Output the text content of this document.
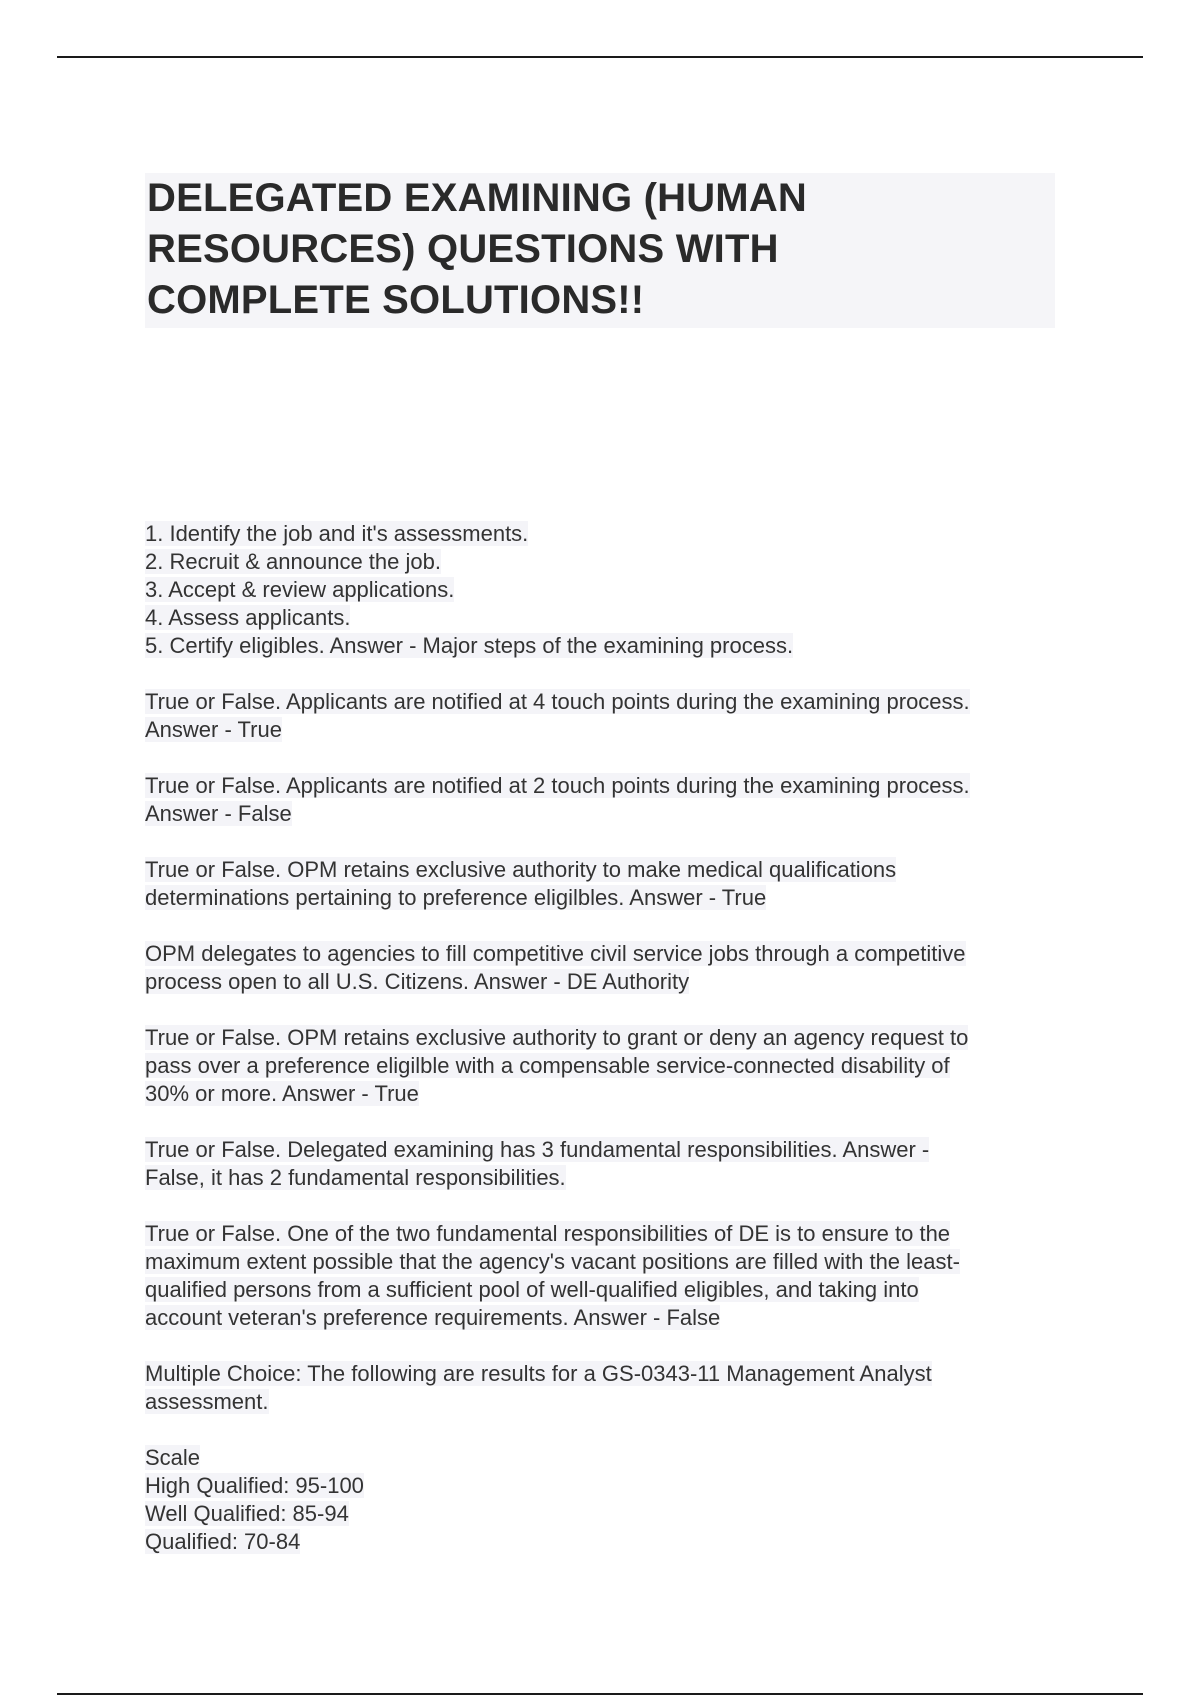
DELEGATED EXAMINING (HUMAN
RESOURCES) QUESTIONS WITH
COMPLETE SOLUTIONS!!
1. Identify the job and it's assessments.
2. Recruit & announce the job.
3. Accept & review applications.
4. Assess applicants.
5. Certify eligibles. Answer - Major steps of the examining process.
True or False. Applicants are notified at 4 touch points during the examining process.
Answer - True
True or False. Applicants are notified at 2 touch points during the examining process.
Answer - False
True or False. OPM retains exclusive authority to make medical qualifications
determinations pertaining to preference eligilbles. Answer - True
OPM delegates to agencies to fill competitive civil service jobs through a competitive
process open to all U.S. Citizens. Answer - DE Authority
True or False. OPM retains exclusive authority to grant or deny an agency request to
pass over a preference eligilble with a compensable service-connected disability of
30% or more. Answer - True
True or False. Delegated examining has 3 fundamental responsibilities. Answer -
False, it has 2 fundamental responsibilities.
True or False. One of the two fundamental responsibilities of DE is to ensure to the
maximum extent possible that the agency's vacant positions are filled with the least-
qualified persons from a sufficient pool of well-qualified eligibles, and taking into
account veteran's preference requirements. Answer - False
Multiple Choice: The following are results for a GS-0343-11 Management Analyst
assessment.
Scale
High Qualified: 95-100
Well Qualified: 85-94
Qualified: 70-84
